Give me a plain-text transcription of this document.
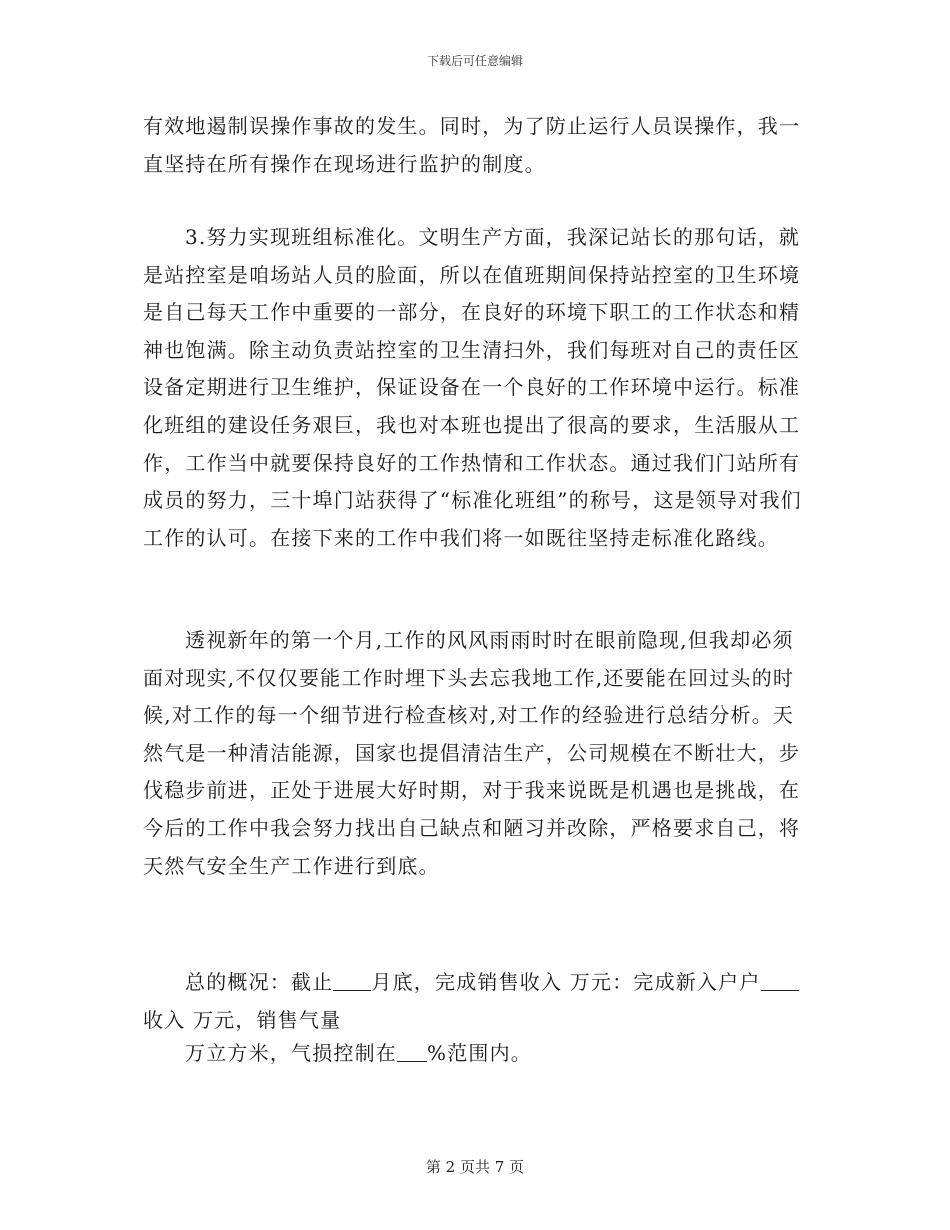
下载后可任意编辑

有效地遏制误操作事故的发生。同时，为了防止运行人员误操作，我一直坚持在所有操作在现场进行监护的制度。

3.努力实现班组标准化。文明生产方面，我深记站长的那句话，就是站控室是咱场站人员的脸面，所以在值班期间保持站控室的卫生环境是自己每天工作中重要的一部分，在良好的环境下职工的工作状态和精神也饱满。除主动负责站控室的卫生清扫外，我们每班对自己的责任区设备定期进行卫生维护，保证设备在一个良好的工作环境中运行。标准化班组的建设任务艰巨，我也对本班也提出了很高的要求，生活服从工作，工作当中就要保持良好的工作热情和工作状态。通过我们门站所有成员的努力，三十埠门站获得了“标准化班组”的称号，这是领导对我们工作的认可。在接下来的工作中我们将一如既往坚持走标准化路线。

透视新年的第一个月,工作的风风雨雨时时在眼前隐现,但我却必须面对现实,不仅仅要能工作时埋下头去忘我地工作,还要能在回过头的时候,对工作的每一个细节进行检查核对,对工作的经验进行总结分析。天然气是一种清洁能源，国家也提倡清洁生产，公司规模在不断壮大，步伐稳步前进，正处于进展大好时期，对于我来说既是机遇也是挑战，在今后的工作中我会努力找出自己缺点和陋习并改除，严格要求自己，将天然气安全生产工作进行到底。

总的概况：截止 月底，完成销售收入 万元：完成新入户户收入 万元，销售气量

万立方米，气损控制在 %范围内。

第 2 页共 7 页
